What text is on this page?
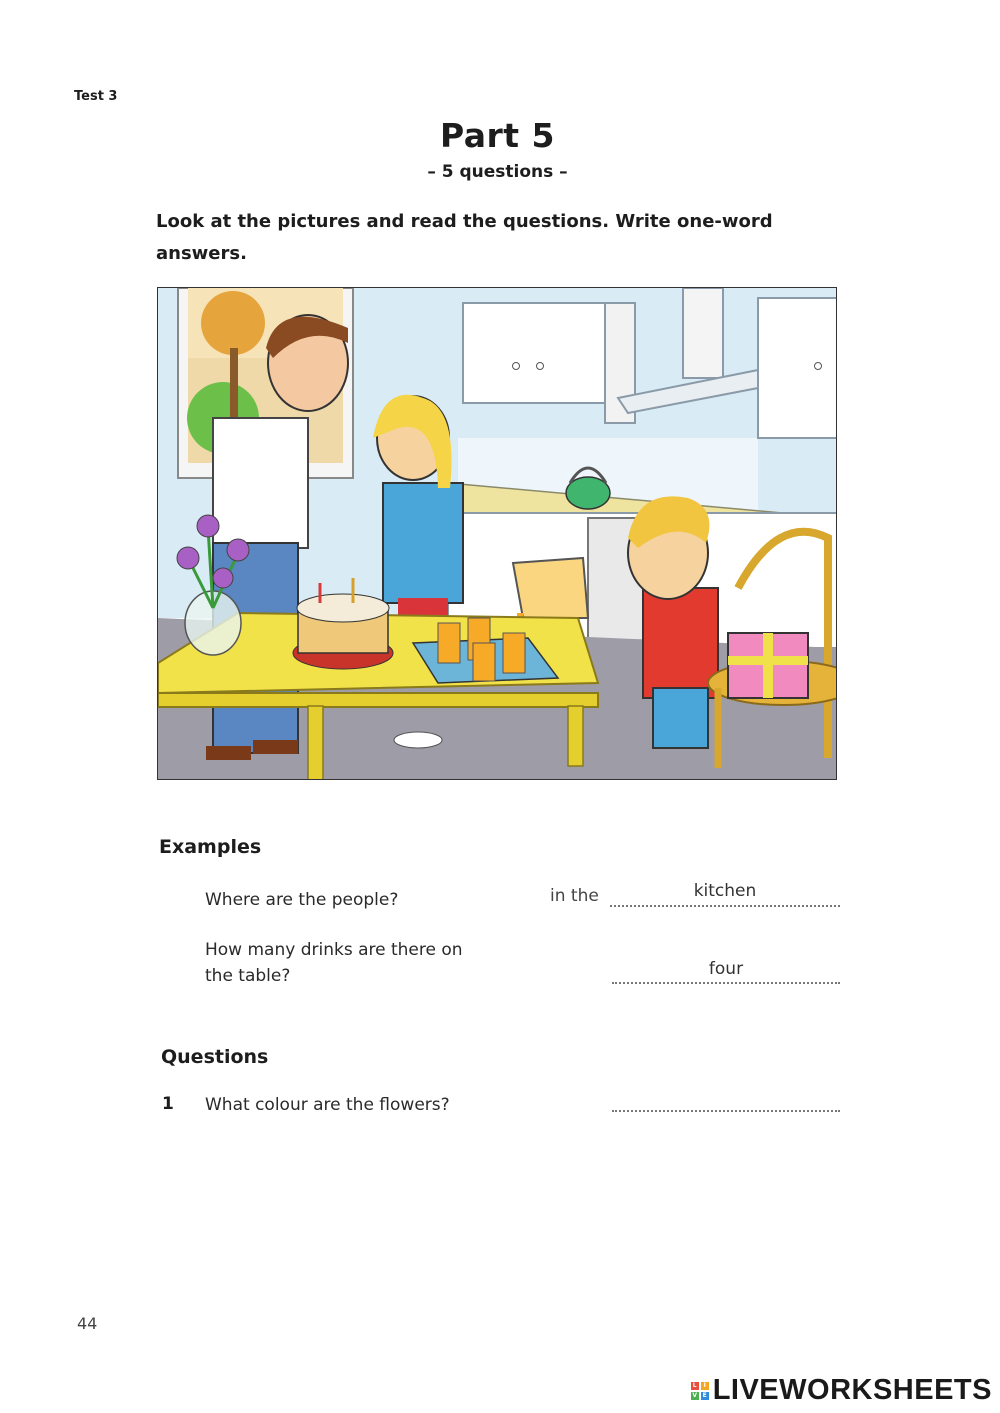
Test 3
Part 5
– 5 questions –
Look at the pictures and read the questions. Write one-word answers.
Examples
Where are the people?	in the	kitchen
How many drinks are there on the table?	four
Questions
1 What colour are the flowers?
44
L	I
V E LIVEWORKSHEETS
